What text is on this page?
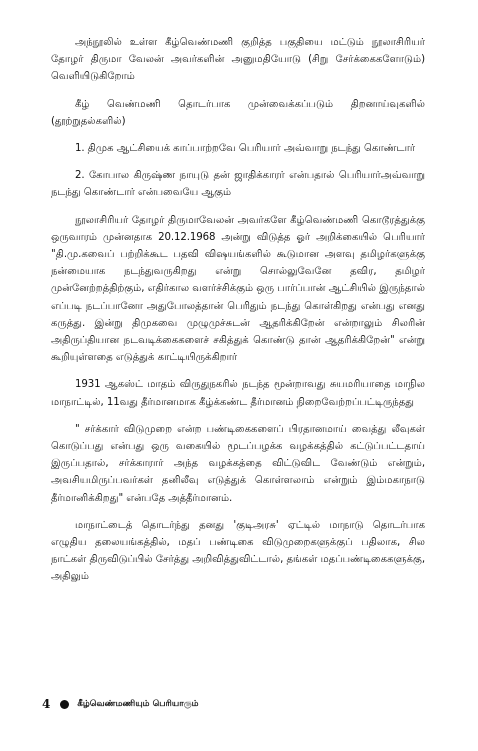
அந்நூலில் உள்ள கீழ்வெண்மணி குறித்த பகுதியை மட்டும் நூலாசிரியர் தோழர் திருமா வேலன் அவர்களின் அனுமதியோடு (சிறு சேர்க்கைகளோடும்) வெளியிடுகிறோம்

கீழ் வெண்மணி தொடர்பாக முன்வைக்கப்படும் திறனாய்வுகளில் (தூற்றுதல்களில்)

1. திமுக ஆட்சியைக் காப்பாற்றவே பெரியார் அவ்வாறு நடந்து கொண்டார்

2. கோபால கிருஷ்ண நாயுடு தன் ஜாதிக்காரர் என்பதால் பெரியார்அவ்வாறு நடந்து கொண்டார் என்பவையே ஆகும்

நூலாசிரியர் தோழர் திருமாவேலன் அவர்களே கீழ்வெண்மணி கொடூரத்துக்கு ஒருவாரம் முன்னதாக 20.12.1968 அன்று விடுத்த ஓர் அறிக்கையில் பெரியார் "தி.மு.கவைப் பற்றிக்கூட பதவி விஷயங்களில் கூடுமான அளவு தமிழர்களுக்கு நன்மையாக நடந்துவருகிறது என்று சொல்லுவேனே தவிர, தமிழர் முன்னேற்றத்திற்கும், எதிர்கால வளர்ச்சிக்கும் ஒரு பார்ப்பான் ஆட்சியில் இருந்தால் எப்படி நடப்பானோ அதுபோலத்தான் பெரிதும் நடந்து கொள்கிறது என்பது எனது கருத்து. இன்று திமுகவை முழுமுச்சுடன் ஆதரிக்கிறேன் என்றாலும் சிலரின் அதிருப்தியான நடவடிக்கைகளைச் சகித்துக் கொண்டு தான் ஆதரிக்கிறேன்" என்று கூறியுள்ளதை எடுத்துக் காட்டியிருக்கிறார்

1931 ஆகஸ்ட் மாதம் விருதுநகரில் நடந்த மூன்றாவது சுயமரியாதை மாநில மாநாட்டில், 11வது தீர்மானமாக கீழ்க்கண்ட தீர்மானம் நிறைவேற்றப்பட்டிருந்தது

" சர்க்கார் விடுமுறை என்ற பண்டிகைகளைப் பிரதானமாய் வைத்து லீவுகள் கொடுப்பது என்பது ஒரு வகையில் மூடப்பழக்க வழக்கத்தில் கட்டுப்பட்டதாய் இருப்பதால், சர்க்காரார் அந்த வழக்கத்தை விட்டுவிட வேண்டும் என்றும், அவசியமிருப்பவர்கள் தனிலீவு எடுத்துக் கொள்ளலாம் என்றும் இம்மகாநாடு தீர்மானிக்கிறது" என்பதே அத்தீர்மானம்.

மாநாட்டைத் தொடர்ந்து தனது 'குடிஅரசு' ஏட்டில் மாநாடு தொடர்பாக எழுதிய தலையங்கத்தில், மதப் பண்டிகை விடுமுறைகளுக்குப் பதிலாக, சில நாட்கள் திருவிடுப்பில் சேர்த்து அறிவித்துவிட்டால், தங்கள் மதப்பண்டிகைகளுக்கு, அதிலும்

4	கீழ்வெண்மணியும் பெரியாரும்
